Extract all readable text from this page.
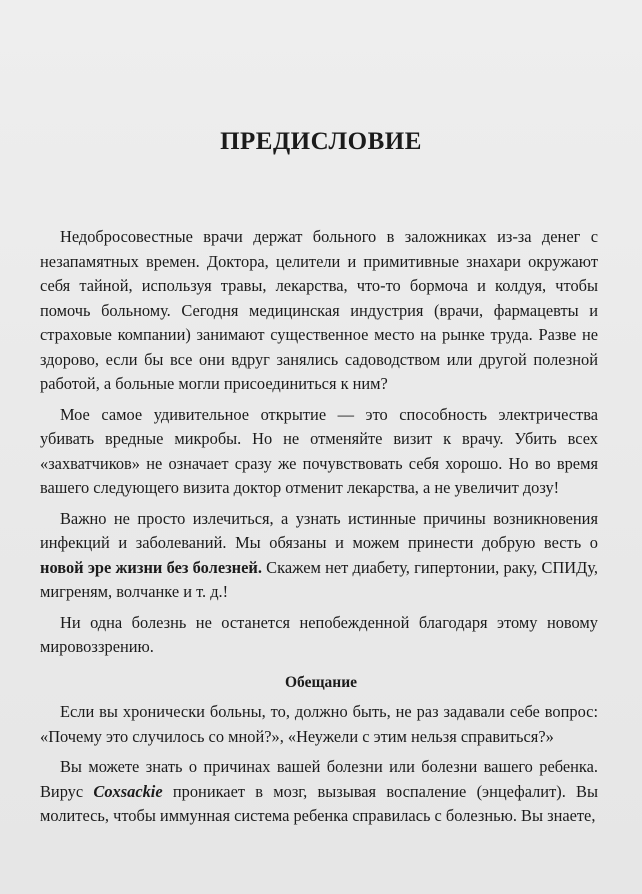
ПРЕДИСЛОВИЕ

Недобросовестные врачи держат больного в заложниках из-за денег с незапамятных времен. Доктора, целители и примитивные знахари окружают себя тайной, используя травы, лекарства, что-то бормоча и колдуя, чтобы помочь больному. Сегодня медицинская индустрия (врачи, фармацевты и страховые компании) занимают существенное место на рынке труда. Разве не здорово, если бы все они вдруг занялись садоводством или другой полезной работой, а больные могли присоединиться к ним?

Мое самое удивительное открытие — это способность электричества убивать вредные микробы. Но не отменяйте визит к врачу. Убить всех «захватчиков» не означает сразу же почувствовать себя хорошо. Но во время вашего следующего визита доктор отменит лекарства, а не увеличит дозу!

Важно не просто излечиться, а узнать истинные причины возникновения инфекций и заболеваний. Мы обязаны и можем принести добрую весть о новой эре жизни без болезней. Скажем нет диабету, гипертонии, раку, СПИДу, мигреням, волчанке и т. д.!

Ни одна болезнь не останется непобежденной благодаря этому новому мировоззрению.

Обещание

Если вы хронически больны, то, должно быть, не раз задавали себе вопрос: «Почему это случилось со мной?», «Неужели с этим нельзя справиться?»

Вы можете знать о причинах вашей болезни или болезни вашего ребенка. Вирус Coxsackie проникает в мозг, вызывая воспаление (энцефалит). Вы молитесь, чтобы иммунная система ребенка справилась с болезнью. Вы знаете,
